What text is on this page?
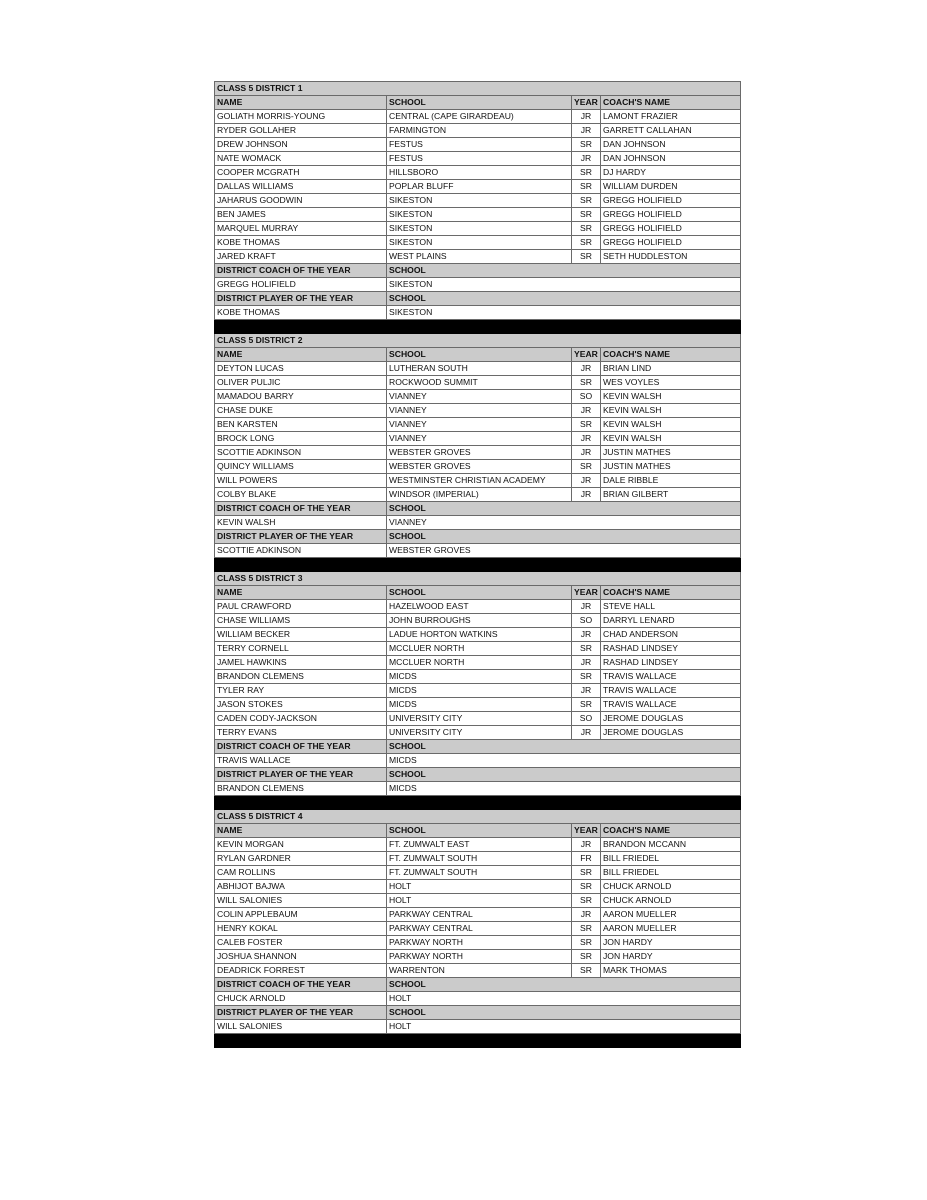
CLASS 5 DISTRICT 1			
NAME	SCHOOL	YEAR	COACH'S NAME
GOLIATH MORRIS-YOUNG	CENTRAL (CAPE GIRARDEAU)	JR	LAMONT FRAZIER
RYDER GOLLAHER	FARMINGTON	JR	GARRETT CALLAHAN
DREW JOHNSON	FESTUS	SR	DAN JOHNSON
NATE WOMACK	FESTUS	JR	DAN JOHNSON
COOPER MCGRATH	HILLSBORO	SR	DJ HARDY
DALLAS WILLIAMS	POPLAR BLUFF	SR	WILLIAM DURDEN
JAHARUS GOODWIN	SIKESTON	SR	GREGG HOLIFIELD
BEN JAMES	SIKESTON	SR	GREGG HOLIFIELD
MARQUEL MURRAY	SIKESTON	SR	GREGG HOLIFIELD
KOBE THOMAS	SIKESTON	SR	GREGG HOLIFIELD
JARED KRAFT	WEST PLAINS	SR	SETH HUDDLESTON
DISTRICT COACH OF THE YEAR	SCHOOL		
GREGG HOLIFIELD	SIKESTON		
DISTRICT PLAYER OF THE YEAR	SCHOOL		
KOBE THOMAS	SIKESTON		

CLASS 5 DISTRICT 2			
NAME	SCHOOL	YEAR	COACH'S NAME
DEYTON LUCAS	LUTHERAN SOUTH	JR	BRIAN LIND
OLIVER PULJIC	ROCKWOOD SUMMIT	SR	WES VOYLES
MAMADOU BARRY	VIANNEY	SO	KEVIN WALSH
CHASE DUKE	VIANNEY	JR	KEVIN WALSH
BEN KARSTEN	VIANNEY	SR	KEVIN WALSH
BROCK LONG	VIANNEY	JR	KEVIN WALSH
SCOTTIE ADKINSON	WEBSTER GROVES	JR	JUSTIN MATHES
QUINCY WILLIAMS	WEBSTER GROVES	SR	JUSTIN MATHES
WILL POWERS	WESTMINSTER CHRISTIAN ACADEMY	JR	DALE RIBBLE
COLBY BLAKE	WINDSOR (IMPERIAL)	JR	BRIAN GILBERT
DISTRICT COACH OF THE YEAR	SCHOOL		
KEVIN WALSH	VIANNEY		
DISTRICT PLAYER OF THE YEAR	SCHOOL		
SCOTTIE ADKINSON	WEBSTER GROVES		

CLASS 5 DISTRICT 3			
NAME	SCHOOL	YEAR	COACH'S NAME
PAUL CRAWFORD	HAZELWOOD EAST	JR	STEVE HALL
CHASE WILLIAMS	JOHN BURROUGHS	SO	DARRYL LENARD
WILLIAM BECKER	LADUE HORTON WATKINS	JR	CHAD ANDERSON
TERRY CORNELL	MCCLUER NORTH	SR	RASHAD LINDSEY
JAMEL HAWKINS	MCCLUER NORTH	JR	RASHAD LINDSEY
BRANDON CLEMENS	MICDS	SR	TRAVIS WALLACE
TYLER RAY	MICDS	JR	TRAVIS WALLACE
JASON STOKES	MICDS	SR	TRAVIS WALLACE
CADEN CODY-JACKSON	UNIVERSITY CITY	SO	JEROME DOUGLAS
TERRY EVANS	UNIVERSITY CITY	JR	JEROME DOUGLAS
DISTRICT COACH OF THE YEAR	SCHOOL		
TRAVIS WALLACE	MICDS		
DISTRICT PLAYER OF THE YEAR	SCHOOL		
BRANDON CLEMENS	MICDS		

CLASS 5 DISTRICT 4			
NAME	SCHOOL	YEAR	COACH'S NAME
KEVIN MORGAN	FT. ZUMWALT EAST	JR	BRANDON MCCANN
RYLAN GARDNER	FT. ZUMWALT SOUTH	FR	BILL FRIEDEL
CAM ROLLINS	FT. ZUMWALT SOUTH	SR	BILL FRIEDEL
ABHIJOT BAJWA	HOLT	SR	CHUCK ARNOLD
WILL SALONIES	HOLT	SR	CHUCK ARNOLD
COLIN APPLEBAUM	PARKWAY CENTRAL	JR	AARON MUELLER
HENRY KOKAL	PARKWAY CENTRAL	SR	AARON MUELLER
CALEB FOSTER	PARKWAY NORTH	SR	JON HARDY
JOSHUA SHANNON	PARKWAY NORTH	SR	JON HARDY
DEADRICK FORREST	WARRENTON	SR	MARK THOMAS
DISTRICT COACH OF THE YEAR	SCHOOL		
CHUCK ARNOLD	HOLT		
DISTRICT PLAYER OF THE YEAR	SCHOOL		
WILL SALONIES	HOLT		
